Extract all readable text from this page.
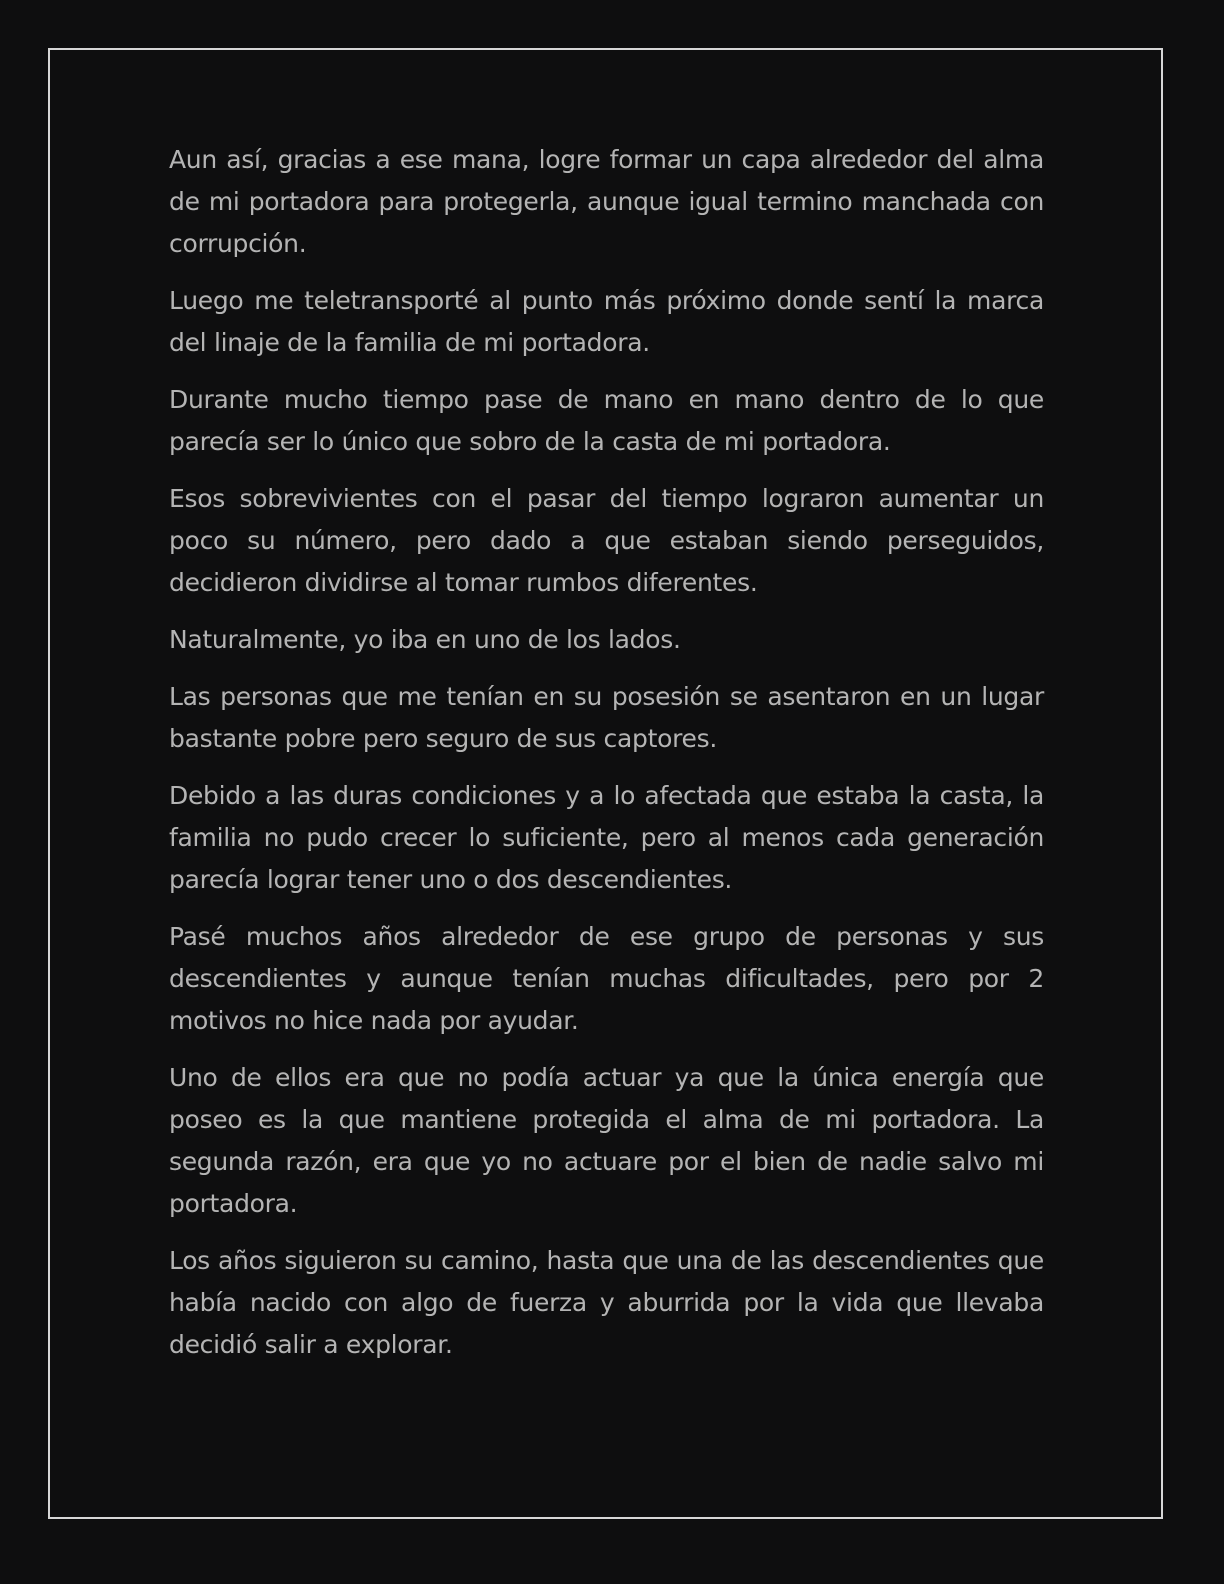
Aun así, gracias a ese mana, logre formar un capa alrededor del alma de mi portadora para protegerla, aunque igual termino manchada con corrupción.

Luego me teletransporté al punto más próximo donde sentí la marca del linaje de la familia de mi portadora.

Durante mucho tiempo pase de mano en mano dentro de lo que parecía ser lo único que sobro de la casta de mi portadora.

Esos sobrevivientes con el pasar del tiempo lograron aumentar un poco su número, pero dado a que estaban siendo perseguidos, decidieron dividirse al tomar rumbos diferentes.

Naturalmente, yo iba en uno de los lados.

Las personas que me tenían en su posesión se asentaron en un lugar bastante pobre pero seguro de sus captores.

Debido a las duras condiciones y a lo afectada que estaba la casta, la familia no pudo crecer lo suficiente, pero al menos cada generación parecía lograr tener uno o dos descendientes.

Pasé muchos años alrededor de ese grupo de personas y sus descendientes y aunque tenían muchas dificultades, pero por 2 motivos no hice nada por ayudar.

Uno de ellos era que no podía actuar ya que la única energía que poseo es la que mantiene protegida el alma de mi portadora. La segunda razón, era que yo no actuare por el bien de nadie salvo mi portadora.

Los años siguieron su camino, hasta que una de las descendientes que había nacido con algo de fuerza y aburrida por la vida que llevaba decidió salir a explorar.
